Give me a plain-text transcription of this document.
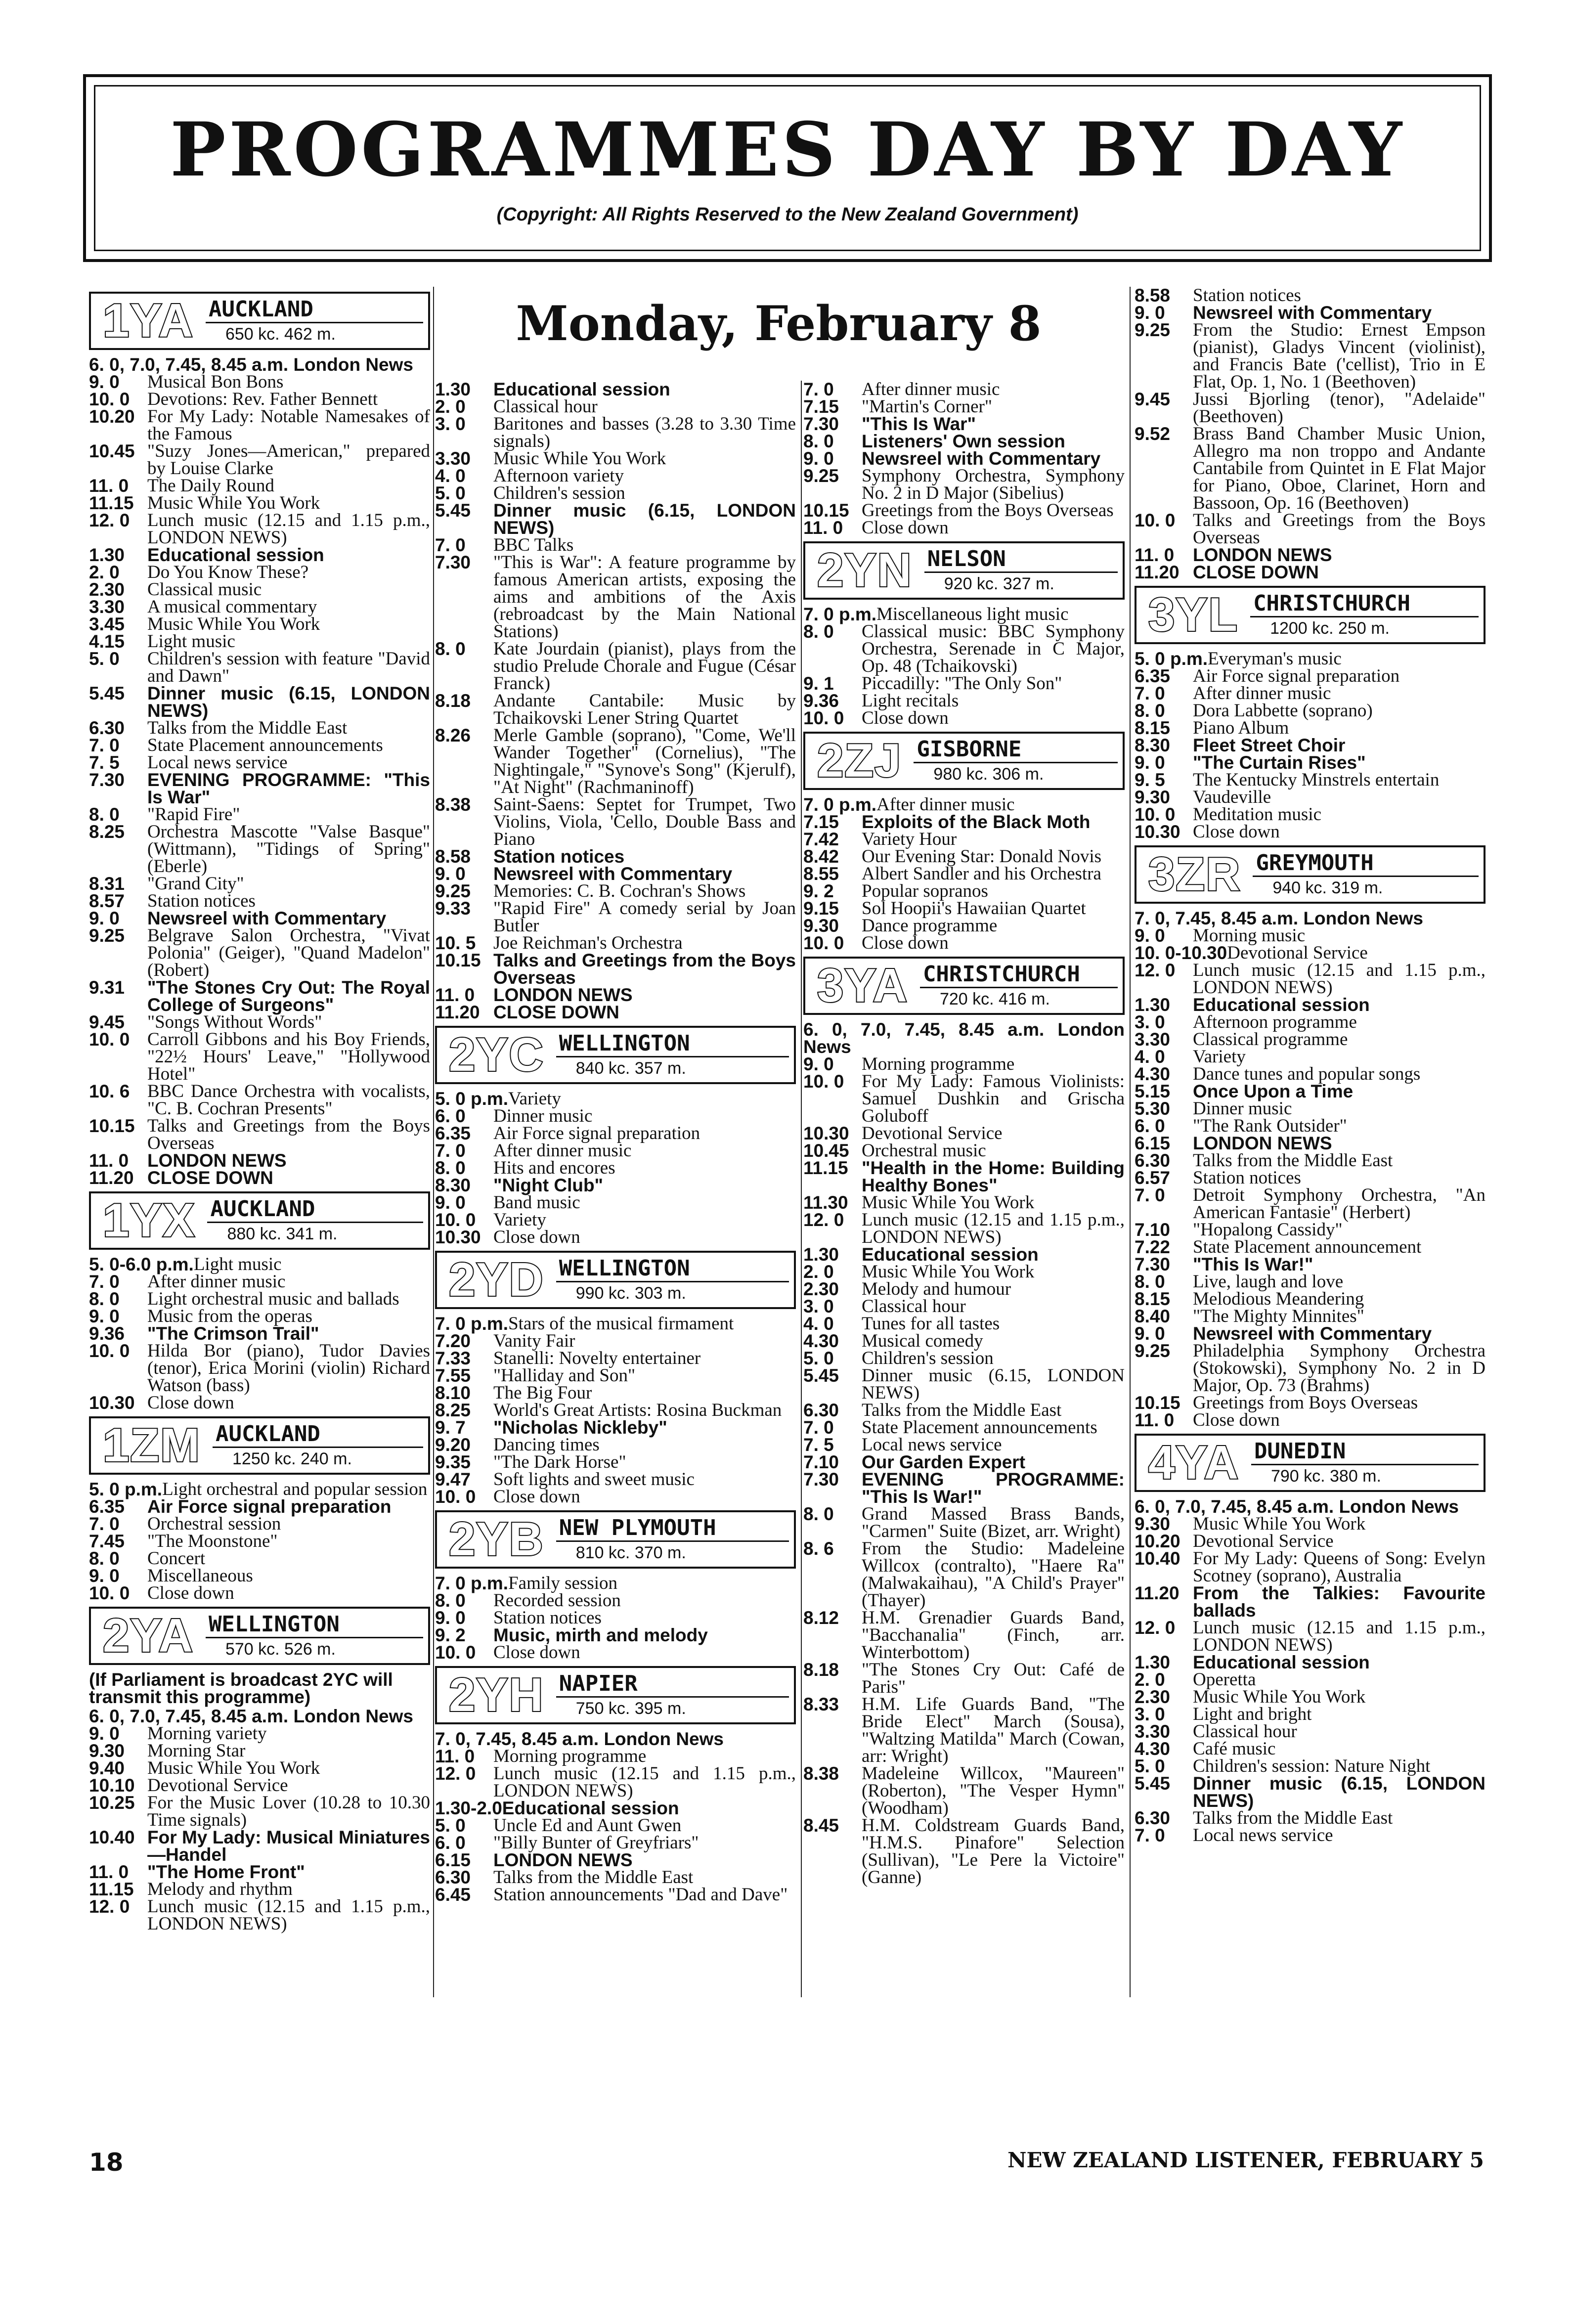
PROGRAMMES DAY BY DAY
(Copyright: All Rights Reserved to the New Zealand Government)
1YA AUCKLAND
650 kc. 462 m.
6. 0, 7.0, 7.45, 8.45 a.m. London News
9. 0	Musical Bon Bons
10. 0 Devotions: Rev. Father Bennett
10.20 For My Lady: Notable Namesakes of the Famous
10.45 "Suzy Jones—American," prepared by Louise Clarke
11. 0	The Daily Round
11.15 Music While You Work
12. 0 Lunch music (12.15 and 1.15 p.m., LONDON NEWS)
1.30	Educational session
2. 0	Do You Know These?
2.30	Classical music
3.30	A musical commentary
3.45	Music While You Work
4.15	Light music
5. 0	Children's session with feature "David and Dawn"
5.45	Dinner music (6.15, LONDON NEWS)
6.30	Talks from the Middle East
7. 0	State Placement announcements
7. 5	Local news service
7.30	EVENING PROGRAMME: "This Is War"
8. 0	"Rapid Fire"
8.25	Orchestra Mascotte "Valse Basque" (Wittmann), "Tidings of Spring" (Eberle)
8.31	"Grand City"
8.57	Station notices
9. 0	Newsreel with Commentary
9.25	Belgrave Salon Orchestra, "Vivat Polonia" (Geiger), "Quand Madelon" (Robert)
9.31	"The Stones Cry Out: The Royal College of Surgeons"
9.45	"Songs Without Words"
10. 0 Carroll Gibbons and his Boy Friends, "22½ Hours' Leave," "Hollywood Hotel"
10. 6 BBC Dance Orchestra with vocalists, "C. B. Cochran Presents"
10.15 Talks and Greetings from the Boys Overseas
11. 0	LONDON NEWS
11.20 CLOSE DOWN
1YX AUCKLAND
880 kc. 341 m.
5. 0-6.0 p.m. Light music
7. 0	After dinner music
8. 0	Light orchestral music and ballads
9. 0	Music from the operas
9.36	"The Crimson Trail"
10. 0 Hilda Bor (piano), Tudor Davies (tenor), Erica Morini (violin) Richard Watson (bass)
10.30 Close down
1ZM AUCKLAND
1250 kc. 240 m.
5. 0 p.m. Light orchestral and popular session
6.35	Air Force signal preparation
7. 0	Orchestral session
7.45	"The Moonstone"
8. 0	Concert
9. 0	Miscellaneous
10. 0 Close down
2YA WELLINGTON
570 kc. 526 m.
(If Parliament is broadcast 2YC will transmit this programme)
6. 0, 7.0, 7.45, 8.45 a.m. London News
9. 0	Morning variety
9.30	Morning Star
9.40	Music While You Work
10.10 Devotional Service
10.25 For the Music Lover (10.28 to 10.30 Time signals)
10.40 For My Lady: Musical Miniatures—Handel
11. 0	"The Home Front"
11.15 Melody and rhythm
12. 0 Lunch music (12.15 and 1.15 p.m., LONDON NEWS)
Monday, February 8
1.30	Educational session
2. 0	Classical hour
3. 0	Baritones and basses (3.28 to 3.30 Time signals)
3.30	Music While You Work
4. 0	Afternoon variety
5. 0	Children's session
5.45	Dinner music (6.15, LONDON NEWS)
7. 0	BBC Talks
7.30	"This is War": A feature programme by famous American artists, exposing the aims and ambitions of the Axis (rebroadcast by the Main National Stations)
8. 0	Kate Jourdain (pianist), plays from the studio Prelude Chorale and Fugue (César Franck)
8.18	Andante Cantabile: Music by Tchaikovski Lener String Quartet
8.26	Merle Gamble (soprano), "Come, We'll Wander Together" (Cornelius), "The Nightingale," "Synove's Song" (Kjerulf), "At Night" (Rachmaninoff)
8.38	Saint-Saens: Septet for Trumpet, Two Violins, Viola, 'Cello, Double Bass and Piano
8.58	Station notices
9. 0	Newsreel with Commentary
9.25	Memories: C. B. Cochran's Shows
9.33	"Rapid Fire" A comedy serial by Joan Butler
10. 5 Joe Reichman's Orchestra
10.15 Talks and Greetings from the Boys Overseas
11. 0	LONDON NEWS
11.20 CLOSE DOWN
2YC WELLINGTON
840 kc. 357 m.
5. 0 p.m. Variety
6. 0	Dinner music
6.35	Air Force signal preparation
7. 0	After dinner music
8. 0	Hits and encores
8.30	"Night Club"
9. 0	Band music
10. 0 Variety
10.30 Close down
2YD WELLINGTON
990 kc. 303 m.
7. 0 p.m. Stars of the musical firmament
7.20	Vanity Fair
7.33	Stanelli: Novelty entertainer
7.55	"Halliday and Son"
8.10	The Big Four
8.25	World's Great Artists: Rosina Buckman
9. 7	"Nicholas Nickleby"
9.20	Dancing times
9.35	"The Dark Horse"
9.47	Soft lights and sweet music
10. 0 Close down
2YB NEW PLYMOUTH
810 kc. 370 m.
7. 0 p.m. Family session
8. 0	Recorded session
9. 0	Station notices
9. 2	Music, mirth and melody
10. 0 Close down
2YH NAPIER
750 kc. 395 m.
7. 0, 7.45, 8.45 a.m. London News
11. 0	Morning programme
12. 0 Lunch music (12.15 and 1.15 p.m., LONDON NEWS)
1.30-2.0 Educational session
5. 0	Uncle Ed and Aunt Gwen
6. 0	"Billy Bunter of Greyfriars"
6.15	LONDON NEWS
6.30	Talks from the Middle East
6.45	Station announcements "Dad and Dave"
7. 0	After dinner music
7.15	"Martin's Corner"
7.30	"This Is War"
8. 0	Listeners' Own session
9. 0	Newsreel with Commentary
9.25	Symphony Orchestra, Symphony No. 2 in D Major (Sibelius)
10.15 Greetings from the Boys Overseas
11. 0	Close down
2YN NELSON
920 kc. 327 m.
7. 0 p.m. Miscellaneous light music
8. 0	Classical music: BBC Symphony Orchestra, Serenade in C Major, Op. 48 (Tchaikovski)
9. 1	Piccadilly: "The Only Son"
9.36	Light recitals
10. 0 Close down
2ZJ GISBORNE
980 kc. 306 m.
7. 0 p.m. After dinner music
7.15	Exploits of the Black Moth
7.42	Variety Hour
8.42	Our Evening Star: Donald Novis
8.55	Albert Sandler and his Orchestra
9. 2	Popular sopranos
9.15	Sol Hoopii's Hawaiian Quartet
9.30	Dance programme
10. 0 Close down
3YA CHRISTCHURCH
720 kc. 416 m.
6. 0, 7.0, 7.45, 8.45 a.m. London News
9. 0	Morning programme
10. 0 For My Lady: Famous Violinists: Samuel Dushkin and Grischa Goluboff
10.30 Devotional Service
10.45 Orchestral music
11.15 "Health in the Home: Building Healthy Bones"
11.30 Music While You Work
12. 0 Lunch music (12.15 and 1.15 p.m., LONDON NEWS)
1.30	Educational session
2. 0	Music While You Work
2.30	Melody and humour
3. 0	Classical hour
4. 0	Tunes for all tastes
4.30	Musical comedy
5. 0	Children's session
5.45	Dinner music (6.15, LONDON NEWS)
6.30	Talks from the Middle East
7. 0	State Placement announcements
7. 5	Local news service
7.10	Our Garden Expert
7.30	EVENING PROGRAMME: "This Is War!"
8. 0	Grand Massed Brass Bands, "Carmen" Suite (Bizet, arr. Wright)
8. 6	From the Studio: Madeleine Willcox (contralto), "Haere Ra" (Malwakaihau), "A Child's Prayer" (Thayer)
8.12	H.M. Grenadier Guards Band, "Bacchanalia" (Finch, arr. Winterbottom)
8.18	"The Stones Cry Out: Café de Paris"
8.33	H.M. Life Guards Band, "The Bride Elect" March (Sousa), "Waltzing Matilda" March (Cowan, arr: Wright)
8.38	Madeleine Willcox, "Maureen" (Roberton), "The Vesper Hymn" (Woodham)
8.45	H.M. Coldstream Guards Band, "H.M.S. Pinafore" Selection (Sullivan), "Le Pere la Victoire" (Ganne)
8.58	Station notices
9. 0	Newsreel with Commentary
9.25	From the Studio: Ernest Empson (pianist), Gladys Vincent (violinist), and Francis Bate ('cellist), Trio in E Flat, Op. 1, No. 1 (Beethoven)
9.45	Jussi Bjorling (tenor), "Adelaide" (Beethoven)
9.52	Brass Band Chamber Music Union, Allegro ma non troppo and Andante Cantabile from Quintet in E Flat Major for Piano, Oboe, Clarinet, Horn and Bassoon, Op. 16 (Beethoven)
10. 0 Talks and Greetings from the Boys Overseas
11. 0	LONDON NEWS
11.20 CLOSE DOWN
3YL CHRISTCHURCH
1200 kc. 250 m.
5. 0 p.m. Everyman's music
6.35	Air Force signal preparation
7. 0	After dinner music
8. 0	Dora Labbette (soprano)
8.15	Piano Album
8.30	Fleet Street Choir
9. 0	"The Curtain Rises"
9. 5	The Kentucky Minstrels entertain
9.30	Vaudeville
10. 0 Meditation music
10.30 Close down
3ZR GREYMOUTH
940 kc. 319 m.
7. 0, 7.45, 8.45 a.m. London News
9. 0	Morning music
10. 0-10.30 Devotional Service
12. 0 Lunch music (12.15 and 1.15 p.m., LONDON NEWS)
1.30	Educational session
3. 0	Afternoon programme
3.30	Classical programme
4. 0	Variety
4.30	Dance tunes and popular songs
5.15	Once Upon a Time
5.30	Dinner music
6. 0	"The Rank Outsider"
6.15	LONDON NEWS
6.30	Talks from the Middle East
6.57	Station notices
7. 0	Detroit Symphony Orchestra, "An American Fantasie" (Herbert)
7.10	"Hopalong Cassidy"
7.22	State Placement announcement
7.30	"This Is War!"
8. 0	Live, laugh and love
8.15	Melodious Meandering
8.40	"The Mighty Minnites"
9. 0	Newsreel with Commentary
9.25	Philadelphia Symphony Orchestra (Stokowski), Symphony No. 2 in D Major, Op. 73 (Brahms)
10.15 Greetings from Boys Overseas
11. 0	Close down
4YA DUNEDIN
790 kc. 380 m.
6. 0, 7.0, 7.45, 8.45 a.m. London News
9.30	Music While You Work
10.20 Devotional Service
10.40 For My Lady: Queens of Song: Evelyn Scotney (soprano), Australia
11.20 From the Talkies: Favourite ballads
12. 0 Lunch music (12.15 and 1.15 p.m., LONDON NEWS)
1.30	Educational session
2. 0	Operetta
2.30	Music While You Work
3. 0	Light and bright
3.30	Classical hour
4.30	Café music
5. 0	Children's session: Nature Night
5.45	Dinner music (6.15, LONDON NEWS)
6.30	Talks from the Middle East
7. 0	Local news service
18	NEW ZEALAND LISTENER, FEBRUARY 5
